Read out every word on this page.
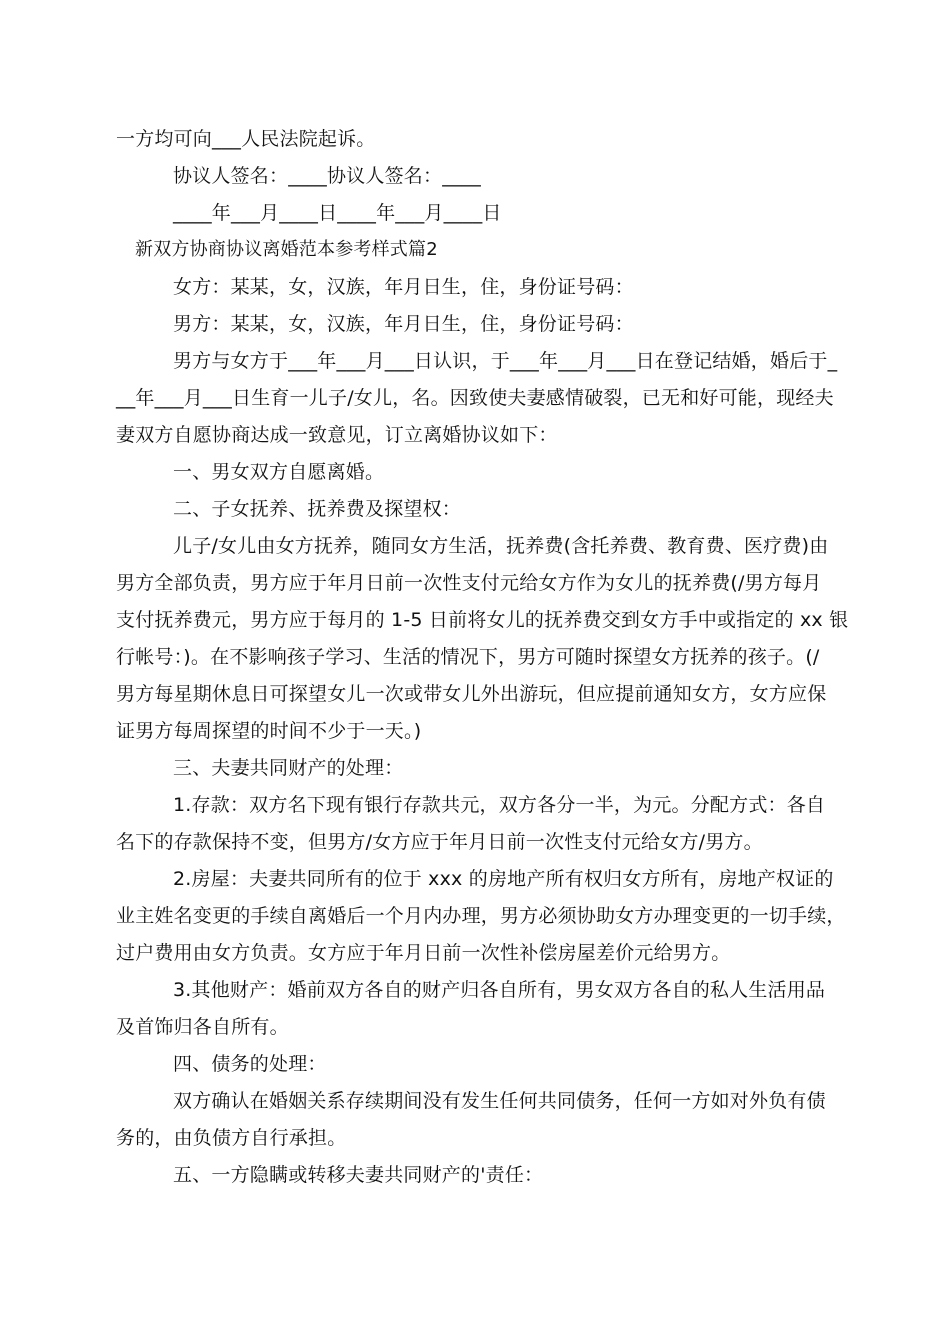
一方均可向___人民法院起诉。
协议人签名：____协议人签名：____
____年___月____日____年___月____日
新双方协商协议离婚范本参考样式篇2
女方：某某，女，汉族，年月日生，住，身份证号码：
男方：某某，女，汉族，年月日生，住，身份证号码：
男方与女方于___年___月___日认识，于___年___月___日在登记结婚，婚后于_
__年___月___日生育一儿子/女儿，名。因致使夫妻感情破裂，已无和好可能，现经夫
妻双方自愿协商达成一致意见，订立离婚协议如下：
一、男女双方自愿离婚。
二、子女抚养、抚养费及探望权：
儿子/女儿由女方抚养，随同女方生活，抚养费(含托养费、教育费、医疗费)由
男方全部负责，男方应于年月日前一次性支付元给女方作为女儿的抚养费(/男方每月
支付抚养费元，男方应于每月的 1-5 日前将女儿的抚养费交到女方手中或指定的 xx 银
行帐号：)。在不影响孩子学习、生活的情况下，男方可随时探望女方抚养的孩子。(/
男方每星期休息日可探望女儿一次或带女儿外出游玩，但应提前通知女方，女方应保
证男方每周探望的时间不少于一天。)
三、夫妻共同财产的处理：
1.存款：双方名下现有银行存款共元，双方各分一半，为元。分配方式：各自
名下的存款保持不变，但男方/女方应于年月日前一次性支付元给女方/男方。
2.房屋：夫妻共同所有的位于 xxx 的房地产所有权归女方所有，房地产权证的
业主姓名变更的手续自离婚后一个月内办理，男方必须协助女方办理变更的一切手续，
过户费用由女方负责。女方应于年月日前一次性补偿房屋差价元给男方。
3.其他财产：婚前双方各自的财产归各自所有，男女双方各自的私人生活用品
及首饰归各自所有。
四、债务的处理：
双方确认在婚姻关系存续期间没有发生任何共同债务，任何一方如对外负有债
务的，由负债方自行承担。
五、一方隐瞒或转移夫妻共同财产的'责任：
